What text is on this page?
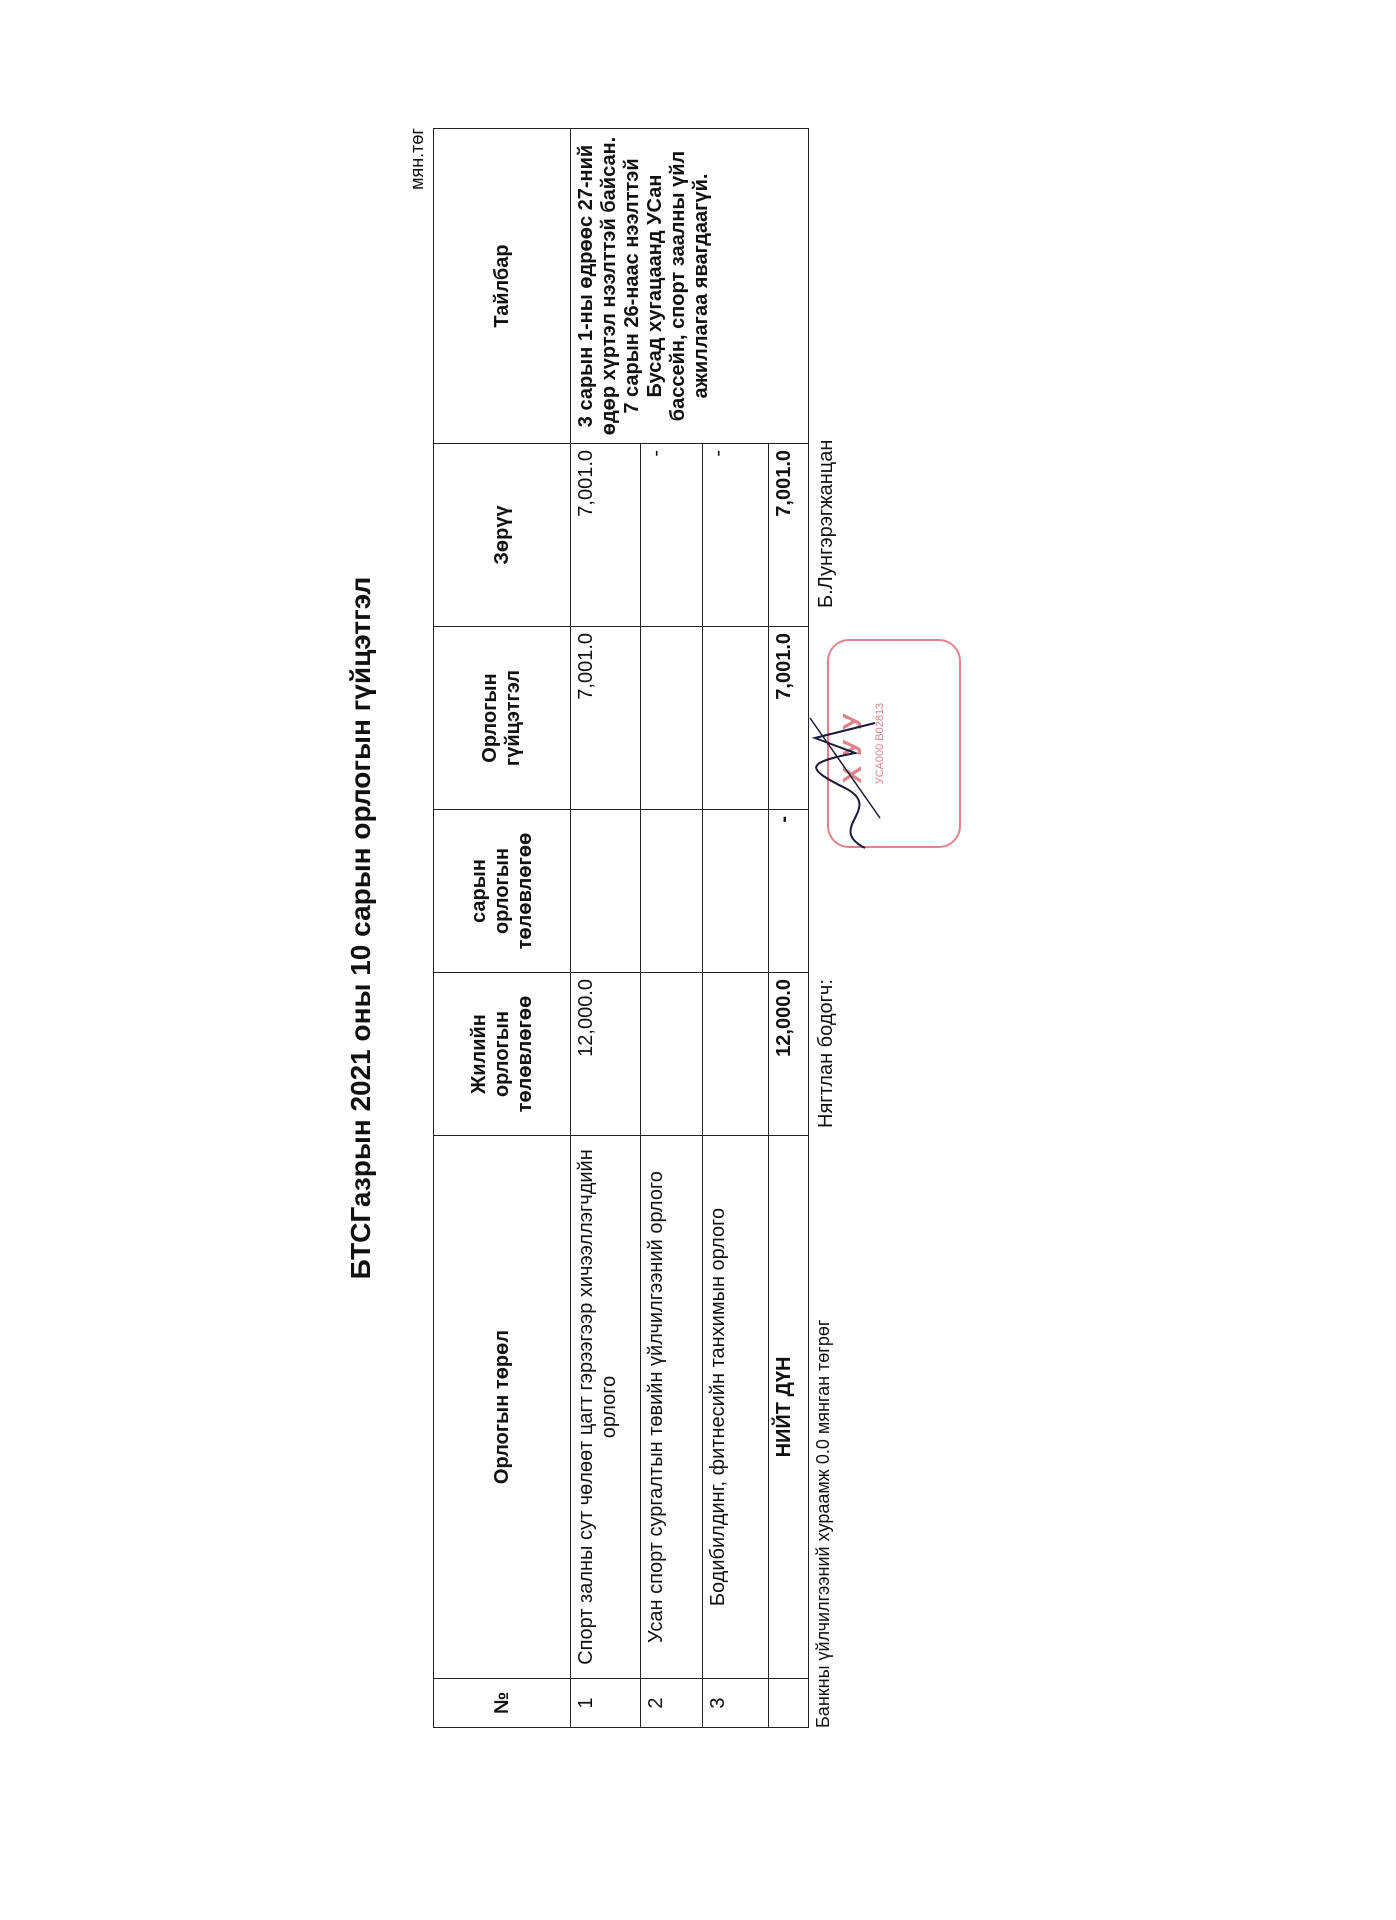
БТСГазрын 2021 оны 10 сарын орлогын гүйцэтгэл
мян.төг
№	Орлогын төрөл	Жилийн орлогын төлөвлөгөө	сарын орлогын төлөвлөгөө	Орлогын гүйцэтгэл	Зөрүү	Тайлбар
1	Спорт залны сут чөлөөт цагт гэрээгээр хичээллэгчдийн орлого	12,000.0		7,001.0	7,001.0	3 сарын 1-ны өдрөөс 27-ний өдөр хүртэл нээлттэй байсан. 7 сарын 26-наас нээлттэй Бусад хугацаанд УСан бассейн, спорт заалны үйл ажиллагаа явагдаагүй.
2	Усан спорт сургалтын төвийн үйлчилгээний орлого				-	
3	Бодибилдинг, фитнесийн танхимын орлого				-	
	НИЙТ ДҮН	12,000.0	-	7,001.0	7,001.0	
Банкны үйлчилгээний хураамж 0.0 мянган төгрөг
Нягтлан бодогч:
ХУУ УСА000 В02813
Б.Лунгэрэгжанцан
